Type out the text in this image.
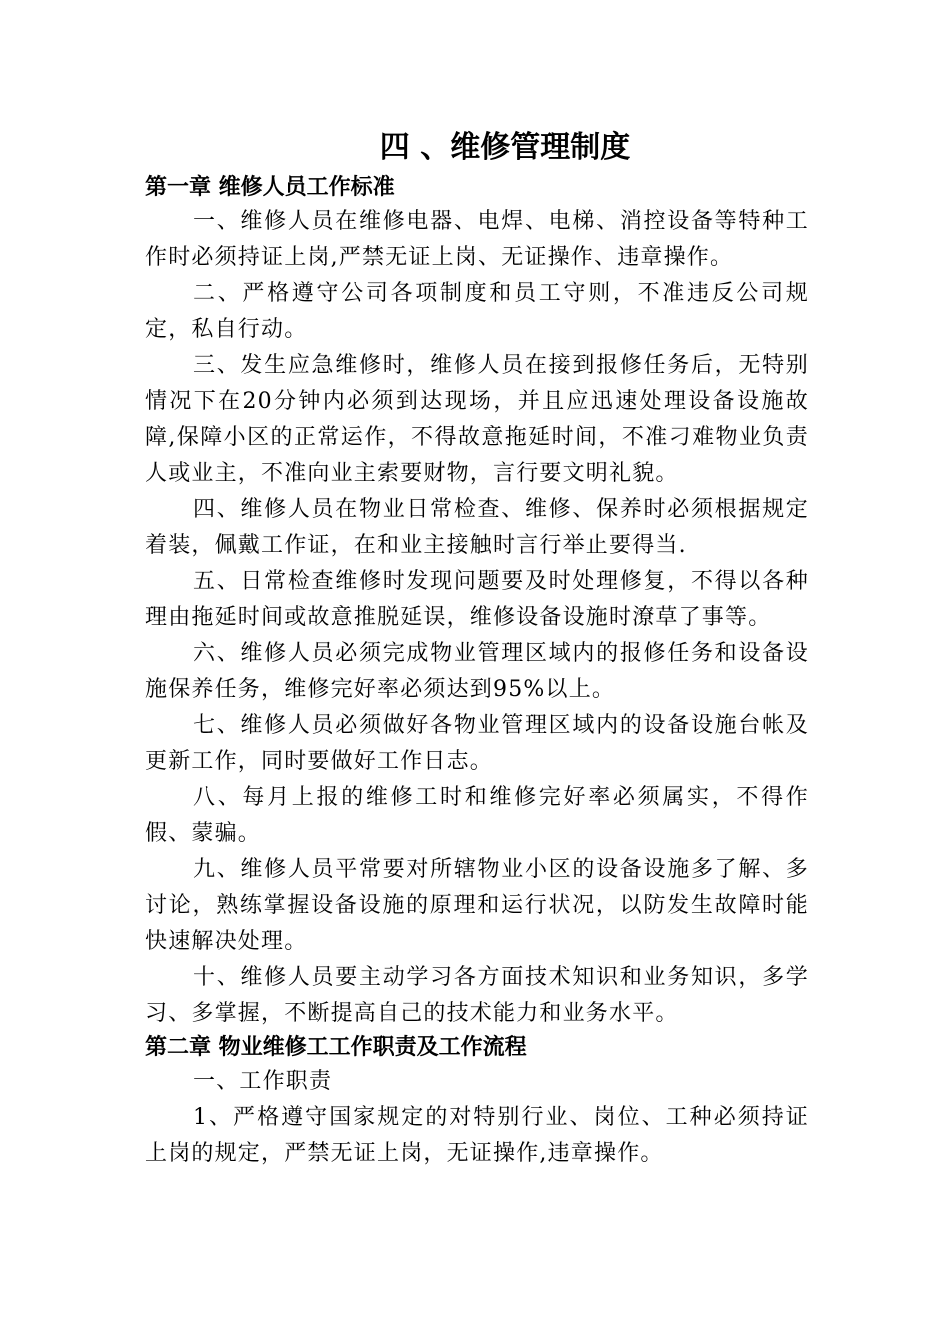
四 、维修管理制度
第一章 维修人员工作标准

一、维修人员在维修电器、电焊、电梯、消控设备等特种工作时必须持证上岗,严禁无证上岗、无证操作、违章操作。

二、严格遵守公司各项制度和员工守则，不准违反公司规定，私自行动。

三、发生应急维修时，维修人员在接到报修任务后，无特别情况下在20分钟内必须到达现场，并且应迅速处理设备设施故障,保障小区的正常运作，不得故意拖延时间，不准刁难物业负责人或业主，不准向业主索要财物，言行要文明礼貌。

四、维修人员在物业日常检查、维修、保养时必须根据规定着装，佩戴工作证，在和业主接触时言行举止要得当.

五、日常检查维修时发现问题要及时处理修复，不得以各种理由拖延时间或故意推脱延误，维修设备设施时潦草了事等。

六、维修人员必须完成物业管理区域内的报修任务和设备设施保养任务，维修完好率必须达到95%以上。

七、维修人员必须做好各物业管理区域内的设备设施台帐及更新工作，同时要做好工作日志。

八、每月上报的维修工时和维修完好率必须属实，不得作假、蒙骗。

九、维修人员平常要对所辖物业小区的设备设施多了解、多讨论，熟练掌握设备设施的原理和运行状况，以防发生故障时能快速解决处理。

十、维修人员要主动学习各方面技术知识和业务知识，多学习、多掌握，不断提高自己的技术能力和业务水平。

第二章 物业维修工工作职责及工作流程

一、工作职责

1、严格遵守国家规定的对特别行业、岗位、工种必须持证上岗的规定，严禁无证上岗，无证操作,违章操作。
